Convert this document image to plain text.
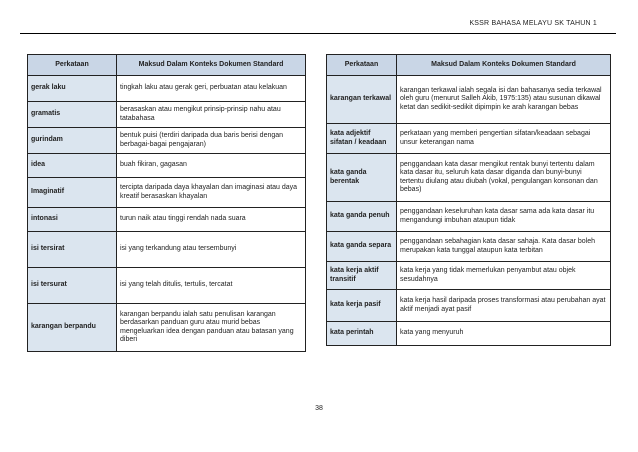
KSSR BAHASA MELAYU SK TAHUN 1
Perkataan	Maksud Dalam Konteks Dokumen Standard
gerak laku	tingkah laku atau gerak geri, perbuatan atau kelakuan
gramatis	berasaskan atau mengikut prinsip-prinsip nahu atau tatabahasa
gurindam	bentuk puisi (terdiri daripada dua baris berisi dengan berbagai-bagai pengajaran)
idea	buah fikiran, gagasan
Imaginatif	tercipta daripada daya khayalan dan imaginasi atau daya kreatif berasaskan khayalan
intonasi	turun naik atau tinggi rendah nada suara
isi tersirat	isi yang terkandung atau tersembunyi
isi tersurat	isi yang telah ditulis, tertulis, tercatat
karangan berpandu	karangan berpandu ialah satu penulisan karangan berdasarkan panduan guru atau murid bebas mengeluarkan idea dengan panduan atau batasan yang diberi
Perkataan	Maksud Dalam Konteks Dokumen Standard
karangan terkawal	karangan terkawal ialah segala isi dan bahasanya sedia terkawal oleh guru (menurut Salleh Akib, 1975:135) atau susunan dikawal ketat dan sedikit-sedikit dipimpin ke arah karangan bebas
kata adjektif sifatan / keadaan	perkataan yang memberi pengertian sifatan/keadaan sebagai unsur keterangan nama
kata ganda berentak	penggandaan kata dasar mengikut rentak bunyi tertentu dalam kata dasar itu, seluruh kata dasar diganda dan bunyi-bunyi tertentu diulang atau diubah (vokal, pengulangan konsonan dan bebas)
kata ganda penuh	penggandaan keseluruhan kata dasar sama ada kata dasar itu mengandungi imbuhan ataupun tidak
kata ganda separa	penggandaan sebahagian kata dasar sahaja. Kata dasar boleh merupakan kata tunggal ataupun kata terbitan
kata kerja aktif transitif	kata kerja yang tidak memerlukan penyambut atau objek sesudahnya
kata kerja pasif	kata kerja hasil daripada proses transformasi atau perubahan ayat aktif menjadi ayat pasif
kata perintah	kata yang menyuruh
38
